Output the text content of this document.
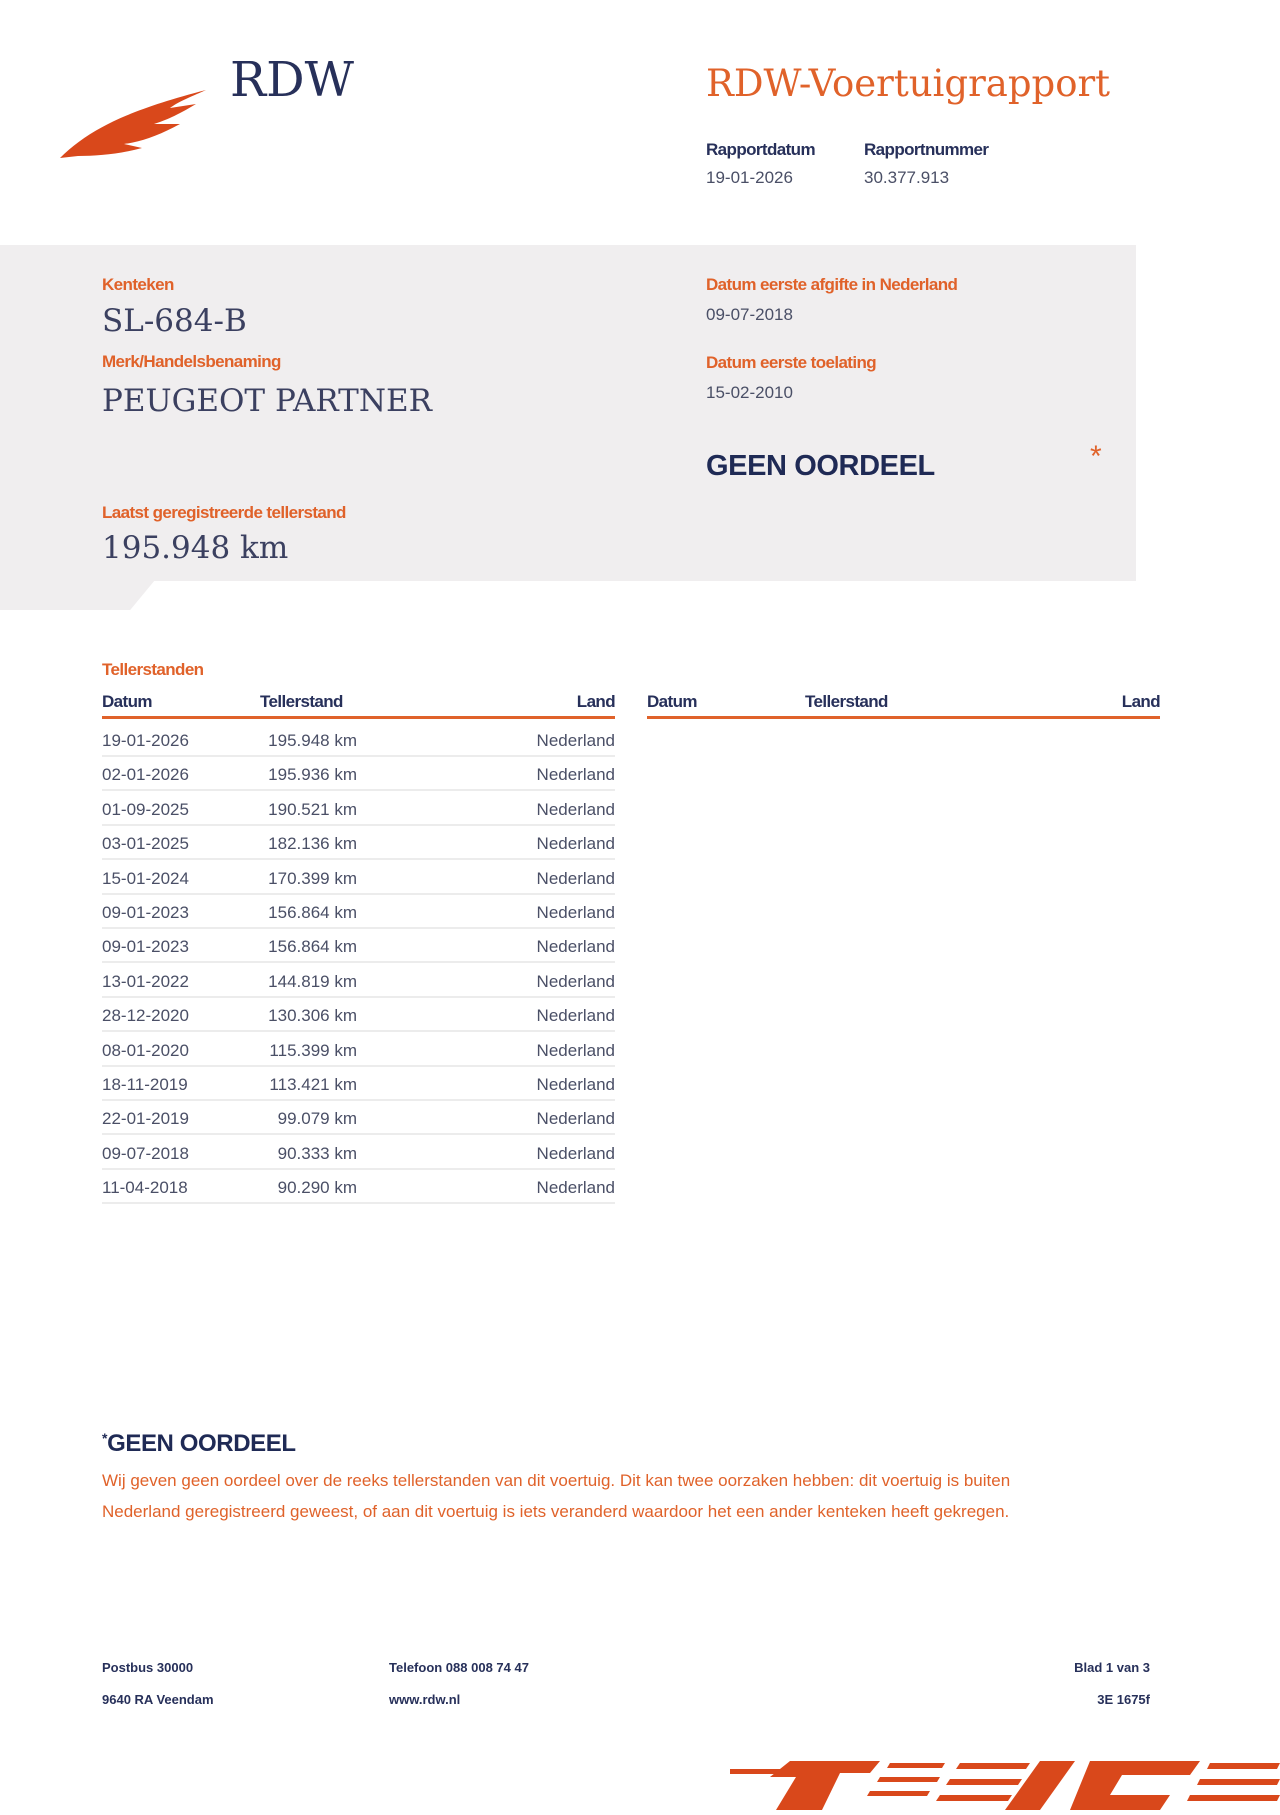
RDW	RDW-Voertuigrapport
Rapportdatum
19-01-2026
Rapportnummer
30.377.913
Kenteken
SL-684-B
Merk/Handelsbenaming
PEUGEOT PARTNER
Laatst geregistreerde tellerstand
195.948 km
Datum eerste afgifte in Nederland
09-07-2018
Datum eerste toelating
15-02-2010
GEEN OORDEEL	*
Tellerstanden
Datum	Tellerstand	Land Datum	Tellerstand	Land
19-01-2026	195.948 km	Nederland
02-01-2026	195.936 km	Nederland
01-09-2025	190.521 km	Nederland
03-01-2025	182.136 km	Nederland
15-01-2024	170.399 km	Nederland
09-01-2023	156.864 km	Nederland
09-01-2023	156.864 km	Nederland
13-01-2022	144.819 km	Nederland
28-12-2020	130.306 km	Nederland
08-01-2020	115.399 km	Nederland
18-11-2019	113.421 km	Nederland
22-01-2019	99.079 km	Nederland
09-07-2018	90.333 km	Nederland
11-04-2018	90.290 km	Nederland
*GEEN OORDEEL
Wij geven geen oordeel over de reeks tellerstanden van dit voertuig. Dit kan twee oorzaken hebben: dit voertuig is buiten Nederland geregistreerd geweest, of aan dit voertuig is iets veranderd waardoor het een ander kenteken heeft gekregen.
Postbus 30000
9640 RA Veendam
Telefoon 088 008 74 47
www.rdw.nl
Blad 1 van 3
3E 1675f
